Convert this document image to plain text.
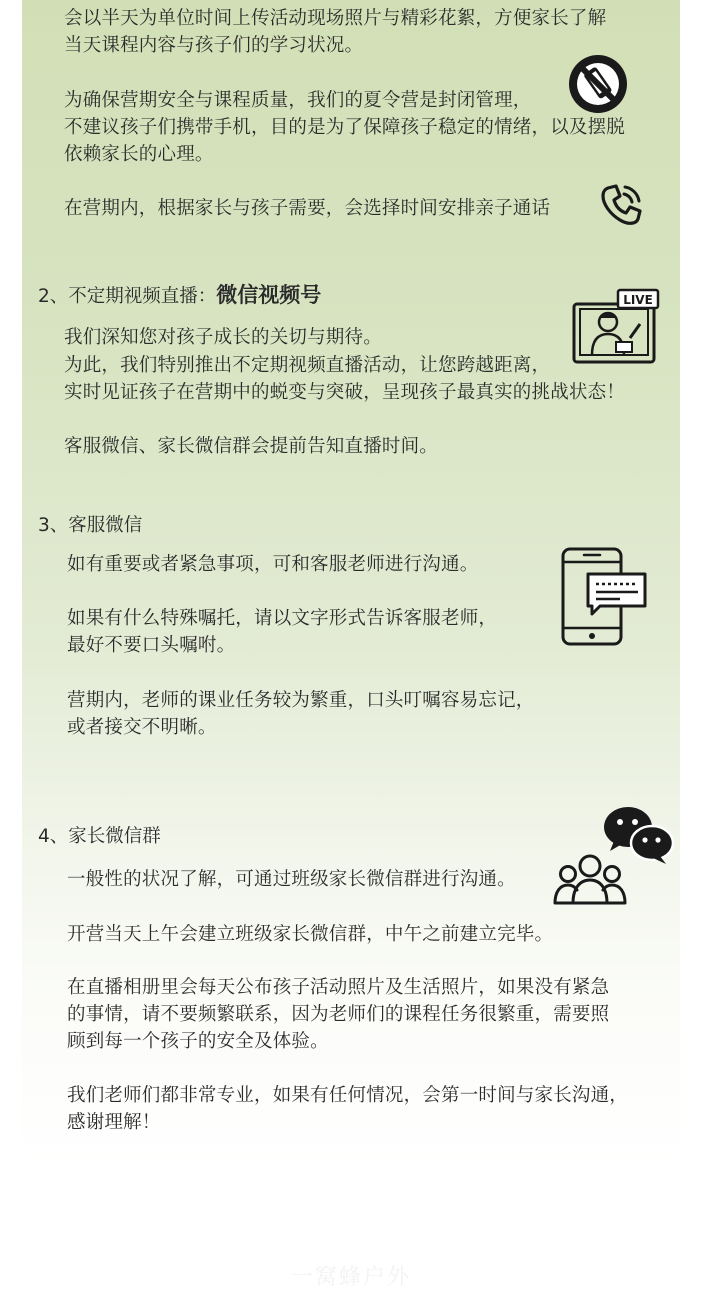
会以半天为单位时间上传活动现场照片与精彩花絮，方便家长了解

当天课程内容与孩子们的学习状况。

为确保营期安全与课程质量，我们的夏令营是封闭管理，

不建议孩子们携带手机，目的是为了保障孩子稳定的情绪，以及摆脱

依赖家长的心理。

在营期内，根据家长与孩子需要，会选择时间安排亲子通话

2、不定期视频直播：微信视频号

我们深知您对孩子成长的关切与期待。

为此，我们特别推出不定期视频直播活动，让您跨越距离，

实时见证孩子在营期中的蜕变与突破，呈现孩子最真实的挑战状态！

客服微信、家长微信群会提前告知直播时间。

LIVE
3、客服微信

如有重要或者紧急事项，可和客服老师进行沟通。

如果有什么特殊嘱托，请以文字形式告诉客服老师，

最好不要口头嘱咐。

营期内，老师的课业任务较为繁重，口头叮嘱容易忘记，

或者接交不明晰。

4、家长微信群

一般性的状况了解，可通过班级家长微信群进行沟通。

开营当天上午会建立班级家长微信群，中午之前建立完毕。

在直播相册里会每天公布孩子活动照片及生活照片，如果没有紧急

的事情，请不要频繁联系，因为老师们的课程任务很繁重，需要照

顾到每一个孩子的安全及体验。

我们老师们都非常专业，如果有任何情况，会第一时间与家长沟通，

感谢理解！

一窝蜂户外
